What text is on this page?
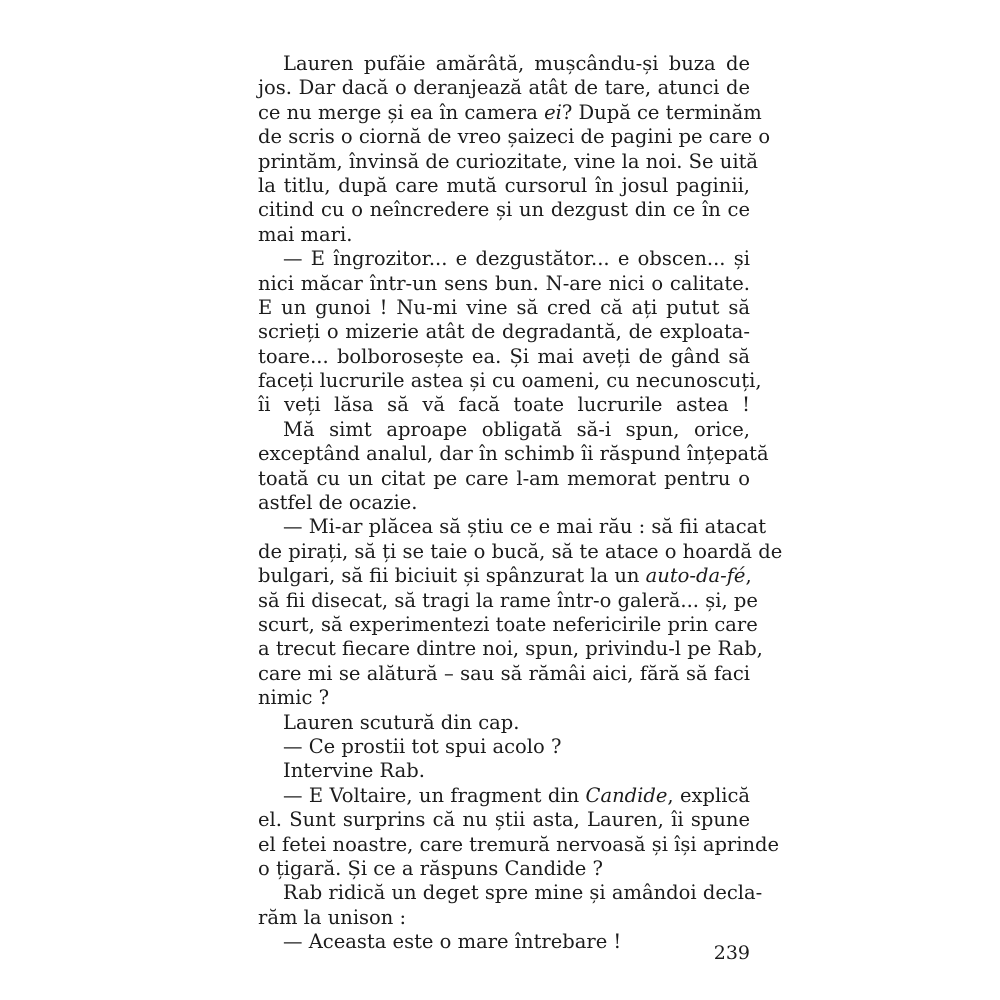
Lauren pufăie amărâtă, mușcându-și buza de
jos. Dar dacă o deranjează atât de tare, atunci de
ce nu merge și ea în camera ei? După ce terminăm
de scris o ciornă de vreo șaizeci de pagini pe care o
printăm, învinsă de curiozitate, vine la noi. Se uită
la titlu, după care mută cursorul în josul paginii,
citind cu o neîncredere și un dezgust din ce în ce
mai mari.
— E îngrozitor... e dezgustător... e obscen... și
nici măcar într-un sens bun. N-are nici o calitate.
E un gunoi ! Nu-mi vine să cred că ați putut să
scrieți o mizerie atât de degradantă, de exploata-
toare... bolborosește ea. Și mai aveți de gând să
faceți lucrurile astea și cu oameni, cu necunoscuți,
îi veți lăsa să vă facă toate lucrurile astea !
Mă simt aproape obligată să-i spun, orice,
exceptând analul, dar în schimb îi răspund înțepată
toată cu un citat pe care l-am memorat pentru o
astfel de ocazie.
— Mi-ar plăcea să știu ce e mai rău : să fii atacat
de pirați, să ți se taie o bucă, să te atace o hoardă de
bulgari, să fii biciuit și spânzurat la un auto-da-fé,
să fii disecat, să tragi la rame într-o galeră... și, pe
scurt, să experimentezi toate nefericirile prin care
a trecut fiecare dintre noi, spun, privindu-l pe Rab,
care mi se alătură – sau să rămâi aici, fără să faci
nimic ?
Lauren scutură din cap.
— Ce prostii tot spui acolo ?
Intervine Rab.
— E Voltaire, un fragment din Candide, explică
el. Sunt surprins că nu știi asta, Lauren, îi spune
el fetei noastre, care tremură nervoasă și își aprinde
o țigară. Și ce a răspuns Candide ?
Rab ridică un deget spre mine și amândoi decla-
răm la unison :
— Aceasta este o mare întrebare !	239
